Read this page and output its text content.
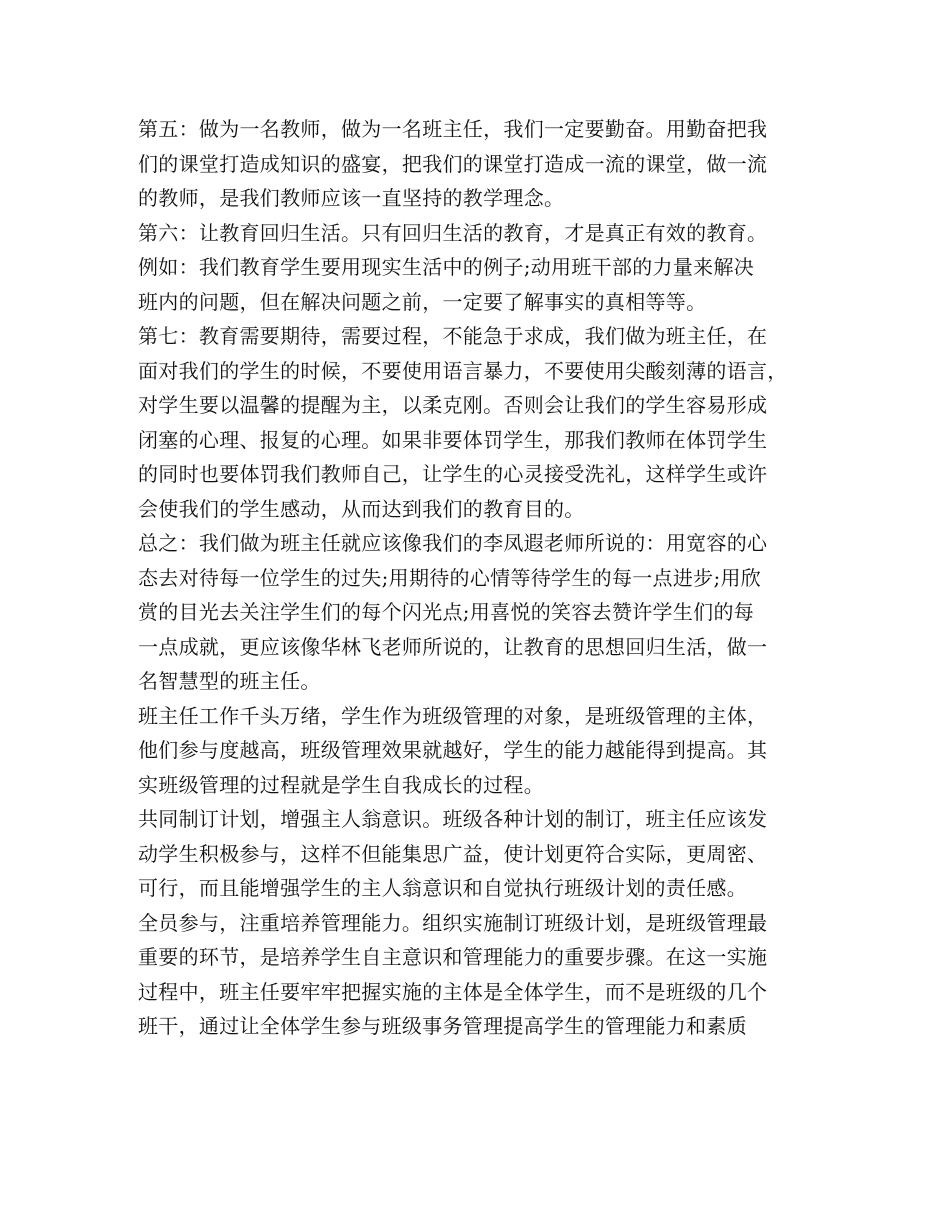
第五：做为一名教师，做为一名班主任，我们一定要勤奋。用勤奋把我
们的课堂打造成知识的盛宴，把我们的课堂打造成一流的课堂，做一流
的教师，是我们教师应该一直坚持的教学理念。
第六：让教育回归生活。只有回归生活的教育，才是真正有效的教育。
例如：我们教育学生要用现实生活中的例子;动用班干部的力量来解决
班内的问题，但在解决问题之前，一定要了解事实的真相等等。
第七：教育需要期待，需要过程，不能急于求成，我们做为班主任，在
面对我们的学生的时候，不要使用语言暴力，不要使用尖酸刻薄的语言，
对学生要以温馨的提醒为主，以柔克刚。否则会让我们的学生容易形成
闭塞的心理、报复的心理。如果非要体罚学生，那我们教师在体罚学生
的同时也要体罚我们教师自己，让学生的心灵接受洗礼，这样学生或许
会使我们的学生感动，从而达到我们的教育目的。
总之：我们做为班主任就应该像我们的李凤遐老师所说的：用宽容的心
态去对待每一位学生的过失;用期待的心情等待学生的每一点进步;用欣
赏的目光去关注学生们的每个闪光点;用喜悦的笑容去赞许学生们的每
一点成就，更应该像华林飞老师所说的，让教育的思想回归生活，做一
名智慧型的班主任。
班主任工作千头万绪，学生作为班级管理的对象，是班级管理的主体，
他们参与度越高，班级管理效果就越好，学生的能力越能得到提高。其
实班级管理的过程就是学生自我成长的过程。
共同制订计划，增强主人翁意识。班级各种计划的制订，班主任应该发
动学生积极参与，这样不但能集思广益，使计划更符合实际，更周密、
可行，而且能增强学生的主人翁意识和自觉执行班级计划的责任感。
全员参与，注重培养管理能力。组织实施制订班级计划，是班级管理最
重要的环节，是培养学生自主意识和管理能力的重要步骤。在这一实施
过程中，班主任要牢牢把握实施的主体是全体学生，而不是班级的几个
班干，通过让全体学生参与班级事务管理提高学生的管理能力和素质
